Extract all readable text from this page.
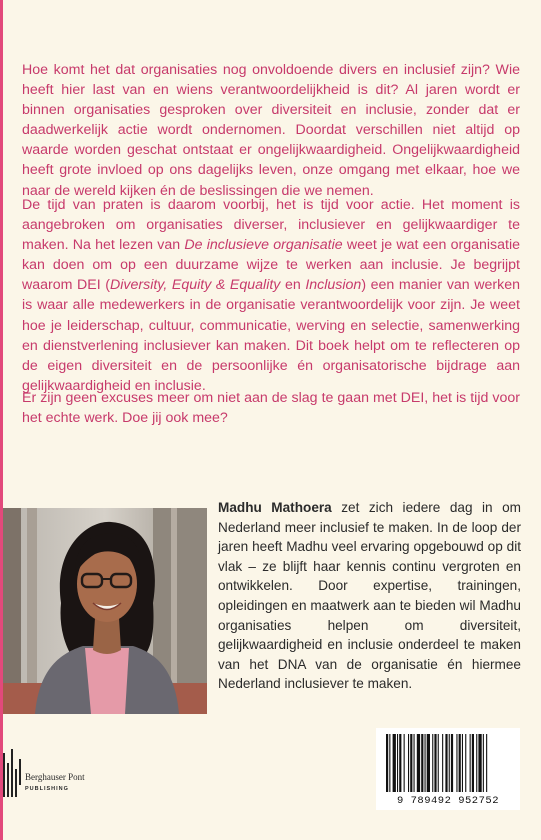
Hoe komt het dat organisaties nog onvoldoende divers en inclusief zijn? Wie heeft hier last van en wiens verantwoordelijkheid is dit? Al jaren wordt er binnen organisaties gesproken over diversiteit en inclusie, zonder dat er daadwerkelijk actie wordt ondernomen. Doordat verschillen niet altijd op waarde worden geschat ontstaat er ongelijkwaardigheid. Ongelijkwaardigheid heeft grote invloed op ons dagelijks leven, onze omgang met elkaar, hoe we naar de wereld kijken én de beslissingen die we nemen.

De tijd van praten is daarom voorbij, het is tijd voor actie. Het moment is aangebroken om organisaties diverser, inclusiever en gelijkwaardiger te maken. Na het lezen van De inclusieve organisatie weet je wat een organisatie kan doen om op een duurzame wijze te werken aan inclusie. Je begrijpt waarom DEI (Diversity, Equity & Equality en Inclusion) een manier van werken is waar alle medewerkers in de organisatie verantwoordelijk voor zijn. Je weet hoe je leiderschap, cultuur, communicatie, werving en selectie, samenwerking en dienstverlening inclusiever kan maken. Dit boek helpt om te reflecteren op de eigen diversiteit en de persoonlijke én organisatorische bijdrage aan gelijkwaardigheid en inclusie.

Er zijn geen excuses meer om niet aan de slag te gaan met DEI, het is tijd voor het echte werk. Doe jij ook mee?

Madhu Mathoera zet zich iedere dag in om Nederland meer inclusief te maken. In de loop der jaren heeft Madhu veel ervaring opgebouwd op dit vlak – ze blijft haar kennis continu vergroten en ontwikkelen. Door expertise, trainingen, opleidingen en maatwerk aan te bieden wil Madhu organisaties helpen om diversiteit, gelijkwaardigheid en inclusie onderdeel te maken van het DNA van de organisatie én hiermee Nederland inclusiever te maken.

Berghauser Pont
PUBLISHING
9 789492 952752
